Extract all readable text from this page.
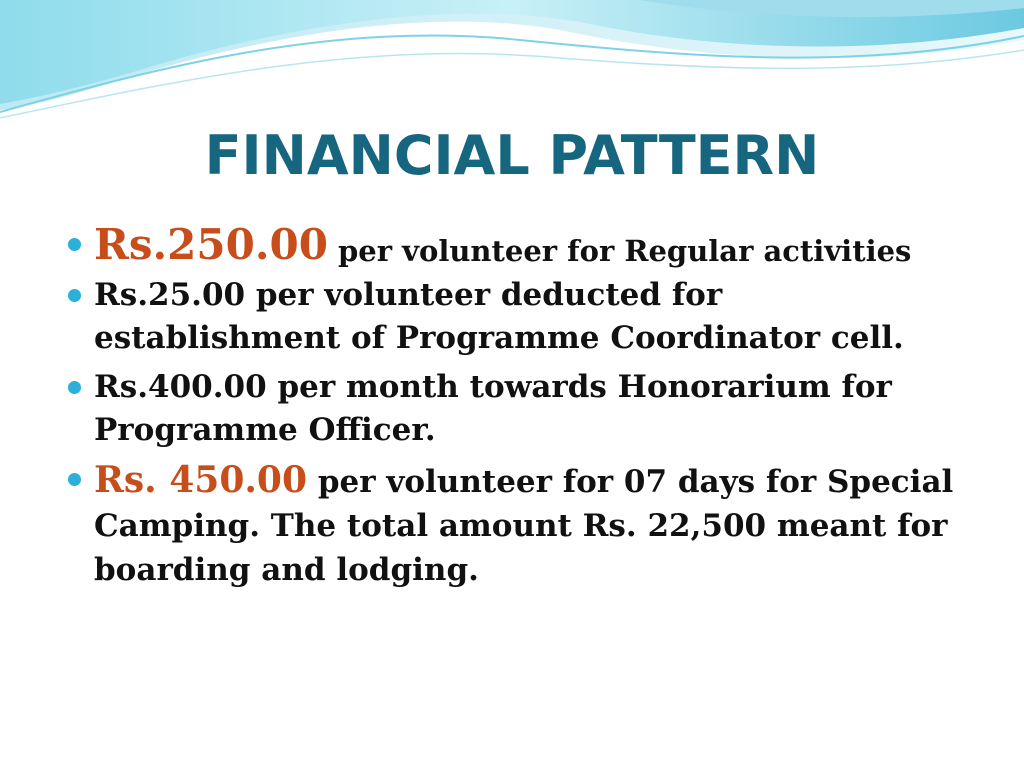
FINANCIAL PATTERN
Rs.250.00 per volunteer for Regular activities
Rs.25.00 per volunteer deducted for establishment of Programme Coordinator cell.
Rs.400.00 per month towards Honorarium for Programme Officer.
Rs. 450.00 per volunteer for 07 days for Special Camping. The total amount Rs. 22,500 meant for boarding and lodging.
